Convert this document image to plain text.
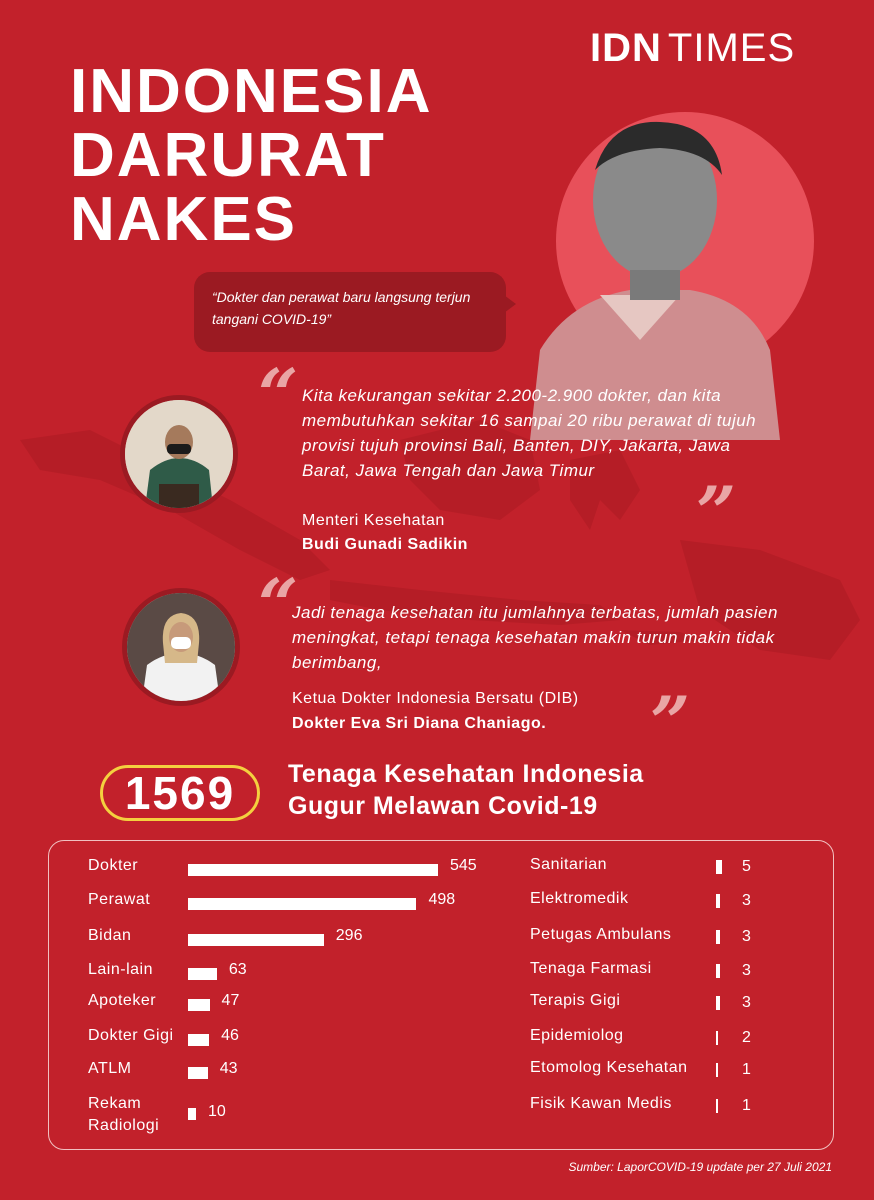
IDN TIMES
INDONESIA
DARURAT
NAKES
“Dokter dan perawat baru langsung terjun tangani COVID-19”
“
”
“
”
Kita kekurangan sekitar 2.200-2.900 dokter, dan kita membutuhkan sekitar 16 sampai 20 ribu perawat di tujuh provisi tujuh provinsi Bali, Banten, DIY, Jakarta, Jawa Barat, Jawa Tengah dan Jawa Timur
Menteri Kesehatan
Budi Gunadi Sadikin
Jadi tenaga kesehatan itu jumlahnya terbatas, jumlah pasien meningkat, tetapi tenaga kesehatan makin turun makin tidak berimbang,
Ketua Dokter Indonesia Bersatu (DIB)
Dokter Eva Sri Diana Chaniago.
1569	Tenaga Kesehatan Indonesia
Gugur Melawan Covid-19
Dokter	545
Perawat	498
Bidan	296
Lain-lain	63
Apoteker	47
Dokter Gigi	46
ATLM	43
Rekam
Radiologi
10
Sanitarian	5
Elektromedik	3
Petugas Ambulans	3
Tenaga Farmasi	3
Terapis Gigi	3
Epidemiolog	2
Etomolog Kesehatan	1
Fisik Kawan Medis	1
Sumber: LaporCOVID-19 update per 27 Juli 2021
